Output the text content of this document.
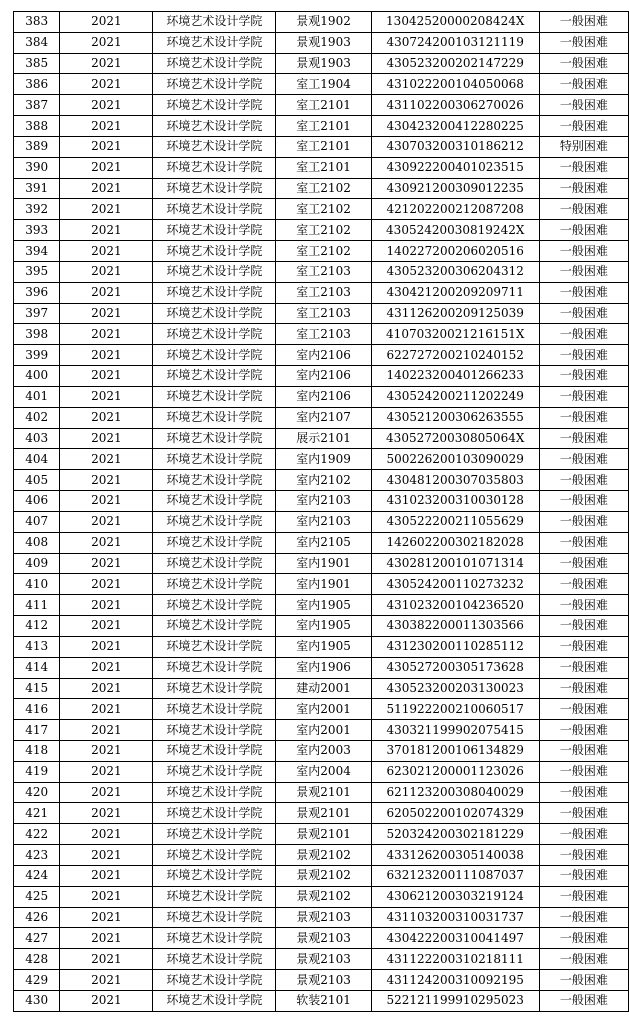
383	2021	环境艺术设计学院	景观1902	13042520000208424X	一般困难
384	2021	环境艺术设计学院	景观1903	430724200103121119	一般困难
385	2021	环境艺术设计学院	景观1903	430523200202147229	一般困难
386	2021	环境艺术设计学院	室工1904	431022200104050068	一般困难
387	2021	环境艺术设计学院	室工2101	431102200306270026	一般困难
388	2021	环境艺术设计学院	室工2101	430423200412280225	一般困难
389	2021	环境艺术设计学院	室工2101	430703200310186212	特别困难
390	2021	环境艺术设计学院	室工2101	430922200401023515	一般困难
391	2021	环境艺术设计学院	室工2102	430921200309012235	一般困难
392	2021	环境艺术设计学院	室工2102	421202200212087208	一般困难
393	2021	环境艺术设计学院	室工2102	43052420030819242X	一般困难
394	2021	环境艺术设计学院	室工2102	140227200206020516	一般困难
395	2021	环境艺术设计学院	室工2103	430523200306204312	一般困难
396	2021	环境艺术设计学院	室工2103	430421200209209711	一般困难
397	2021	环境艺术设计学院	室工2103	431126200209125039	一般困难
398	2021	环境艺术设计学院	室工2103	41070320021216151X	一般困难
399	2021	环境艺术设计学院	室内2106	622727200210240152	一般困难
400	2021	环境艺术设计学院	室内2106	140223200401266233	一般困难
401	2021	环境艺术设计学院	室内2106	430524200211202249	一般困难
402	2021	环境艺术设计学院	室内2107	430521200306263555	一般困难
403	2021	环境艺术设计学院	展示2101	43052720030805064X	一般困难
404	2021	环境艺术设计学院	室内1909	500226200103090029	一般困难
405	2021	环境艺术设计学院	室内2102	430481200307035803	一般困难
406	2021	环境艺术设计学院	室内2103	431023200310030128	一般困难
407	2021	环境艺术设计学院	室内2103	430522200211055629	一般困难
408	2021	环境艺术设计学院	室内2105	142602200302182028	一般困难
409	2021	环境艺术设计学院	室内1901	430281200101071314	一般困难
410	2021	环境艺术设计学院	室内1901	430524200110273232	一般困难
411	2021	环境艺术设计学院	室内1905	431023200104236520	一般困难
412	2021	环境艺术设计学院	室内1905	430382200011303566	一般困难
413	2021	环境艺术设计学院	室内1905	431230200110285112	一般困难
414	2021	环境艺术设计学院	室内1906	430527200305173628	一般困难
415	2021	环境艺术设计学院	建动2001	430523200203130023	一般困难
416	2021	环境艺术设计学院	室内2001	511922200210060517	一般困难
417	2021	环境艺术设计学院	室内2001	430321199902075415	一般困难
418	2021	环境艺术设计学院	室内2003	370181200106134829	一般困难
419	2021	环境艺术设计学院	室内2004	623021200001123026	一般困难
420	2021	环境艺术设计学院	景观2101	621123200308040029	一般困难
421	2021	环境艺术设计学院	景观2101	620502200102074329	一般困难
422	2021	环境艺术设计学院	景观2101	520324200302181229	一般困难
423	2021	环境艺术设计学院	景观2102	433126200305140038	一般困难
424	2021	环境艺术设计学院	景观2102	632123200111087037	一般困难
425	2021	环境艺术设计学院	景观2102	430621200303219124	一般困难
426	2021	环境艺术设计学院	景观2103	431103200310031737	一般困难
427	2021	环境艺术设计学院	景观2103	430422200310041497	一般困难
428	2021	环境艺术设计学院	景观2103	431122200310218111	一般困难
429	2021	环境艺术设计学院	景观2103	431124200310092195	一般困难
430	2021	环境艺术设计学院	软装2101	522121199910295023	一般困难
